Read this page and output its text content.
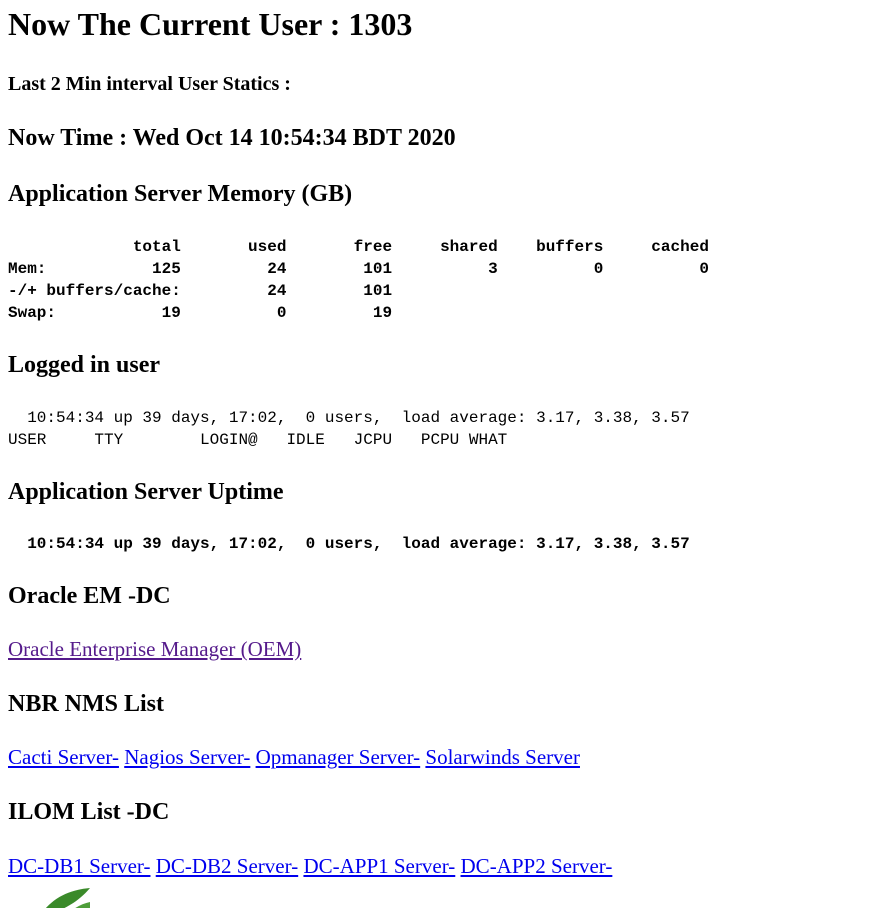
Now The Current User : 1303
Last 2 Min interval User Statics :
Now Time : Wed Oct 14 10:54:34 BDT 2020
Application Server Memory (GB)
total       used       free     shared    buffers     cached
Mem:           125         24        101          3          0          0
-/+ buffers/cache:         24        101
Swap:           19          0         19
Logged in user
10:54:34 up 39 days, 17:02,  0 users,  load average: 3.17, 3.38, 3.57
USER     TTY        LOGIN@   IDLE   JCPU   PCPU WHAT
Application Server Uptime
10:54:34 up 39 days, 17:02,  0 users,  load average: 3.17, 3.38, 3.57
Oracle EM -DC
Oracle Enterprise Manager (OEM)
NBR NMS List
Cacti Server- Nagios Server- Opmanager Server- Solarwinds Server
ILOM List -DC
DC-DB1 Server- DC-DB2 Server- DC-APP1 Server- DC-APP2 Server-
